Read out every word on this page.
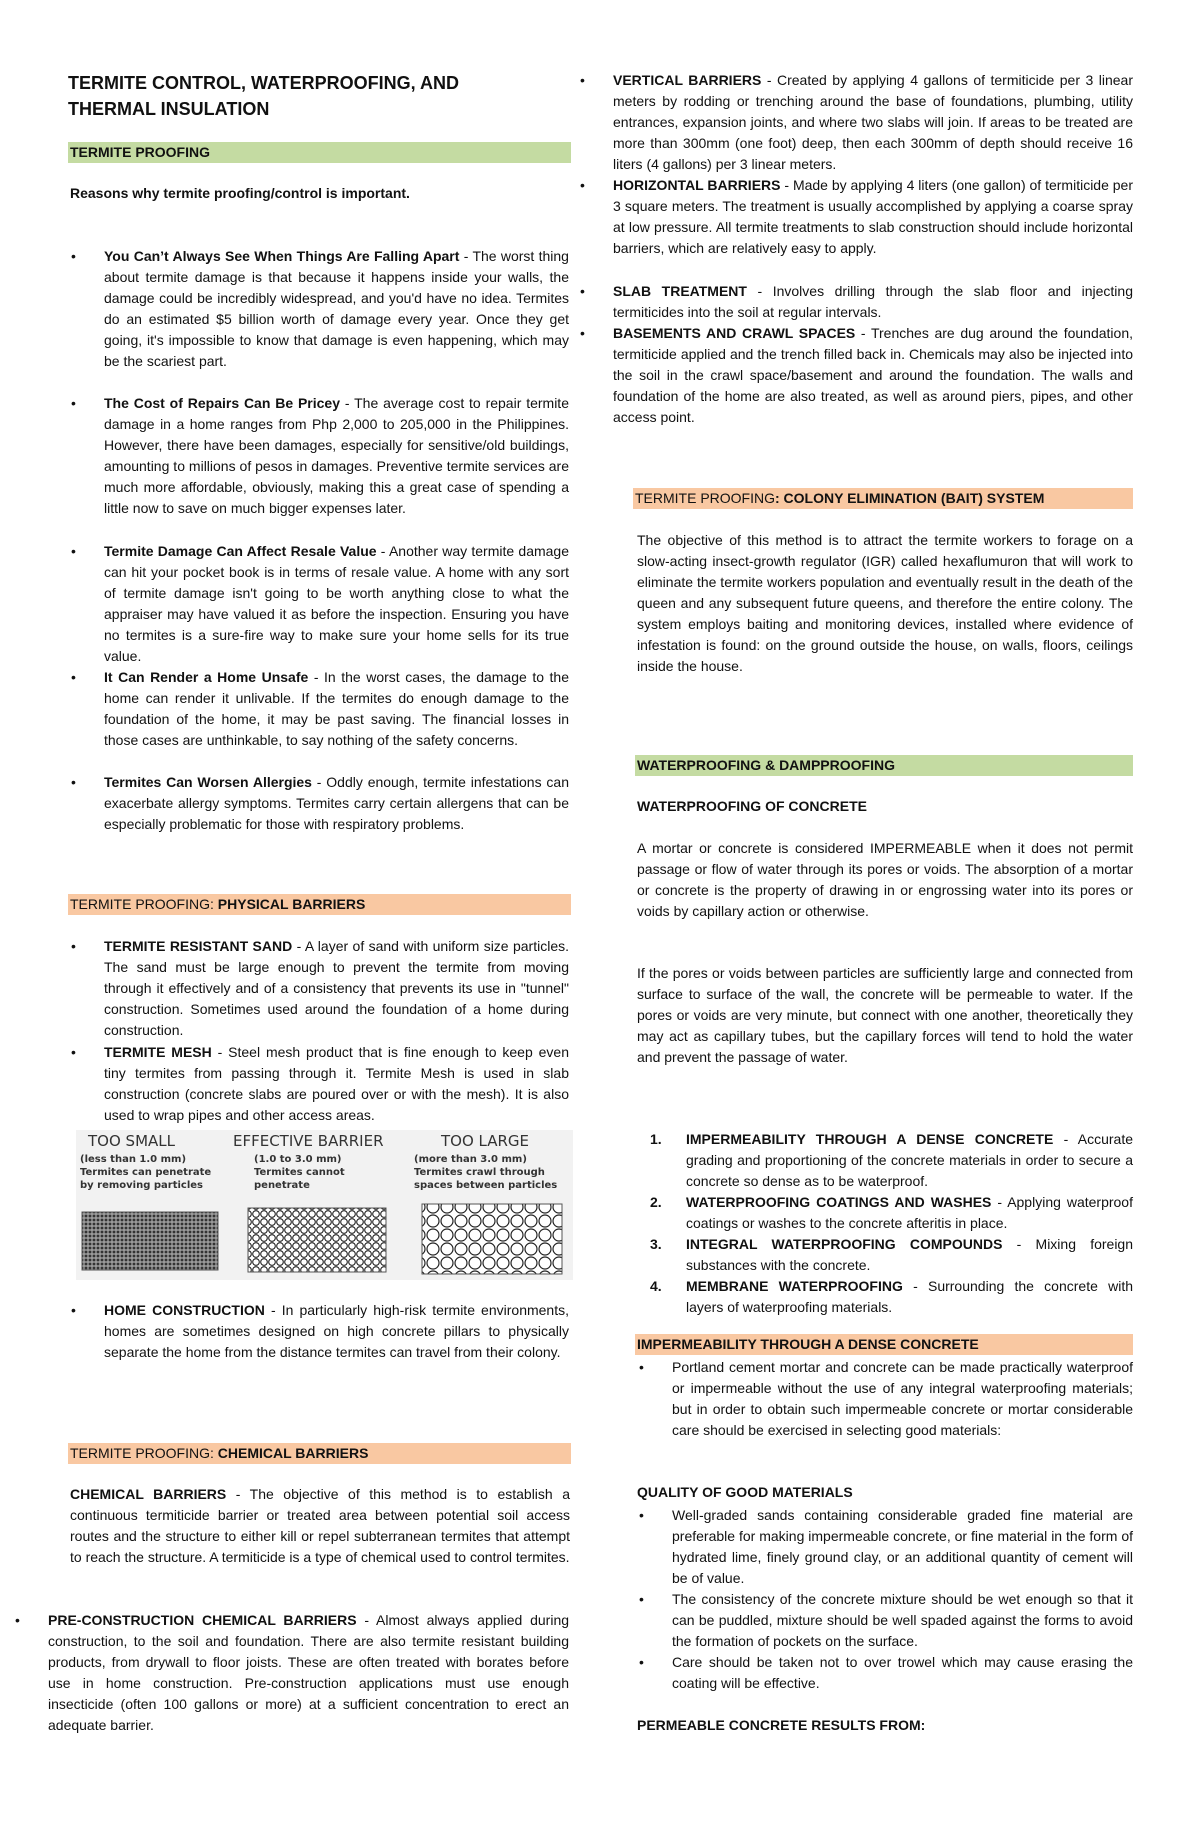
TERMITE CONTROL, WATERPROOFING, AND THERMAL INSULATION
TERMITE PROOFING
Reasons why termite proofing/control is important.
• You Can’t Always See When Things Are Falling Apart - The worst thing about termite damage is that because it happens inside your walls, the damage could be incredibly widespread, and you'd have no idea. Termites do an estimated $5 billion worth of damage every year. Once they get going, it's impossible to know that damage is even happening, which may be the scariest part.
• The Cost of Repairs Can Be Pricey - The average cost to repair termite damage in a home ranges from Php 2,000 to 205,000 in the Philippines. However, there have been damages, especially for sensitive/old buildings, amounting to millions of pesos in damages. Preventive termite services are much more affordable, obviously, making this a great case of spending a little now to save on much bigger expenses later.
• Termite Damage Can Affect Resale Value - Another way termite damage can hit your pocket book is in terms of resale value. A home with any sort of termite damage isn't going to be worth anything close to what the appraiser may have valued it as before the inspection. Ensuring you have no termites is a sure-fire way to make sure your home sells for its true value.
• It Can Render a Home Unsafe - In the worst cases, the damage to the home can render it unlivable. If the termites do enough damage to the foundation of the home, it may be past saving. The financial losses in those cases are unthinkable, to say nothing of the safety concerns.
• Termites Can Worsen Allergies - Oddly enough, termite infestations can exacerbate allergy symptoms. Termites carry certain allergens that can be especially problematic for those with respiratory problems.
TERMITE PROOFING: PHYSICAL BARRIERS
• TERMITE RESISTANT SAND - A layer of sand with uniform size particles. The sand must be large enough to prevent the termite from moving through it effectively and of a consistency that prevents its use in "tunnel" construction. Sometimes used around the foundation of a home during construction.
• TERMITE MESH - Steel mesh product that is fine enough to keep even tiny termites from passing through it. Termite Mesh is used in slab construction (concrete slabs are poured over or with the mesh). It is also used to wrap pipes and other access areas.
TOO SMALL
(less than 1.0 mm)
Termites can penetrate
by removing particles
EFFECTIVE BARRIER
(1.0 to 3.0 mm)
Termites cannot
penetrate
TOO LARGE
(more than 3.0 mm)
Termites crawl through
spaces between particles
• HOME CONSTRUCTION - In particularly high-risk termite environments, homes are sometimes designed on high concrete pillars to physically separate the home from the distance termites can travel from their colony.
TERMITE PROOFING: CHEMICAL BARRIERS
CHEMICAL BARRIERS - The objective of this method is to establish a continuous termiticide barrier or treated area between potential soil access routes and the structure to either kill or repel subterranean termites that attempt to reach the structure. A termiticide is a type of chemical used to control termites.
• PRE-CONSTRUCTION CHEMICAL BARRIERS - Almost always applied during construction, to the soil and foundation. There are also termite resistant building products, from drywall to floor joists. These are often treated with borates before use in home construction. Pre-construction applications must use enough insecticide (often 100 gallons or more) at a sufficient concentration to erect an adequate barrier.
• VERTICAL BARRIERS - Created by applying 4 gallons of termiticide per 3 linear meters by rodding or trenching around the base of foundations, plumbing, utility entrances, expansion joints, and where two slabs will join. If areas to be treated are more than 300mm (one foot) deep, then each 300mm of depth should receive 16 liters (4 gallons) per 3 linear meters.
• HORIZONTAL BARRIERS - Made by applying 4 liters (one gallon) of termiticide per 3 square meters. The treatment is usually accomplished by applying a coarse spray at low pressure. All termite treatments to slab construction should include horizontal barriers, which are relatively easy to apply.
• SLAB TREATMENT - Involves drilling through the slab floor and injecting termiticides into the soil at regular intervals.
• BASEMENTS AND CRAWL SPACES - Trenches are dug around the foundation, termiticide applied and the trench filled back in. Chemicals may also be injected into the soil in the crawl space/basement and around the foundation. The walls and foundation of the home are also treated, as well as around piers, pipes, and other access point.
TERMITE PROOFING: COLONY ELIMINATION (BAIT) SYSTEM
The objective of this method is to attract the termite workers to forage on a slow-acting insect-growth regulator (IGR) called hexaflumuron that will work to eliminate the termite workers population and eventually result in the death of the queen and any subsequent future queens, and therefore the entire colony. The system employs baiting and monitoring devices, installed where evidence of infestation is found: on the ground outside the house, on walls, floors, ceilings inside the house.
WATERPROOFING & DAMPPROOFING
WATERPROOFING OF CONCRETE
A mortar or concrete is considered IMPERMEABLE when it does not permit passage or flow of water through its pores or voids. The absorption of a mortar or concrete is the property of drawing in or engrossing water into its pores or voids by capillary action or otherwise.
If the pores or voids between particles are sufficiently large and connected from surface to surface of the wall, the concrete will be permeable to water. If the pores or voids are very minute, but connect with one another, theoretically they may act as capillary tubes, but the capillary forces will tend to hold the water and prevent the passage of water.
1. IMPERMEABILITY THROUGH A DENSE CONCRETE - Accurate grading and proportioning of the concrete materials in order to secure a concrete so dense as to be waterproof.
2. WATERPROOFING COATINGS AND WASHES - Applying waterproof coatings or washes to the concrete afteritis in place.
3. INTEGRAL WATERPROOFING COMPOUNDS - Mixing foreign substances with the concrete.
4. MEMBRANE WATERPROOFING - Surrounding the concrete with layers of waterproofing materials.
IMPERMEABILITY THROUGH A DENSE CONCRETE
• Portland cement mortar and concrete can be made practically waterproof or impermeable without the use of any integral waterproofing materials; but in order to obtain such impermeable concrete or mortar considerable care should be exercised in selecting good materials:
QUALITY OF GOOD MATERIALS
• Well-graded sands containing considerable graded fine material are preferable for making impermeable concrete, or fine material in the form of hydrated lime, finely ground clay, or an additional quantity of cement will be of value.
• The consistency of the concrete mixture should be wet enough so that it can be puddled, mixture should be well spaded against the forms to avoid the formation of pockets on the surface.
• Care should be taken not to over trowel which may cause erasing the coating will be effective.
PERMEABLE CONCRETE RESULTS FROM:
